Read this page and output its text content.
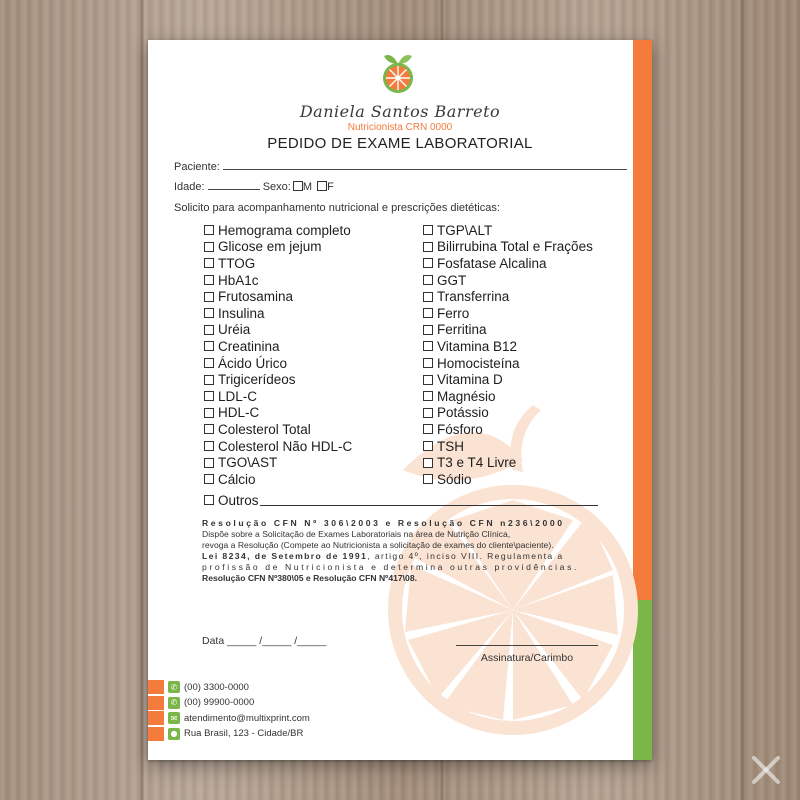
Daniela Santos Barreto
Nutricionista CRN 0000
PEDIDO DE EXAME LABORATORIAL
Paciente:
Idade:	Sexo: M F
Solicito para acompanhamento nutricional e prescrições dietéticas:
Hemograma completo
Glicose em jejum
TTOG
HbA1c
Frutosamina
Insulina
Uréia
Creatinina
Ácido Úrico
Trigicerídeos
LDL-C
HDL-C
Colesterol Total
Colesterol Não HDL-C
TGO\AST
Cálcio
TGP\ALT
Bilirrubina Total e Frações
Fosfatase Alcalina
GGT
Transferrina
Ferro
Ferritina
Vitamina B12
Homocisteína
Vitamina D
Magnésio
Potássio
Fósforo
TSH
T3 e T4 Livre
Sódio
Outros
Resolução CFN Nº 306\2003 e Resolução CFN n236\2000
Dispõe sobre a Solicitação de Exames Laboratoriais na área de Nutrição Clínica,
revoga a Resolução (Compete ao Nutricionista a solicitação de exames do cliente\paciente).
Lei 8234, de Setembro de 1991, artigo 4º, inciso VIII. Regulamenta a
profissão de Nutricionista e determina outras providências.
Resolução CFN Nº380\05 e Resolução CFN Nº417\08.
Data _____ /_____ /_____
Assinatura/Carimbo
✆ (00) 3300-0000
✆ (00) 99900-0000
✉ atendimento@multixprint.com
● Rua Brasil, 123 - Cidade/BR
